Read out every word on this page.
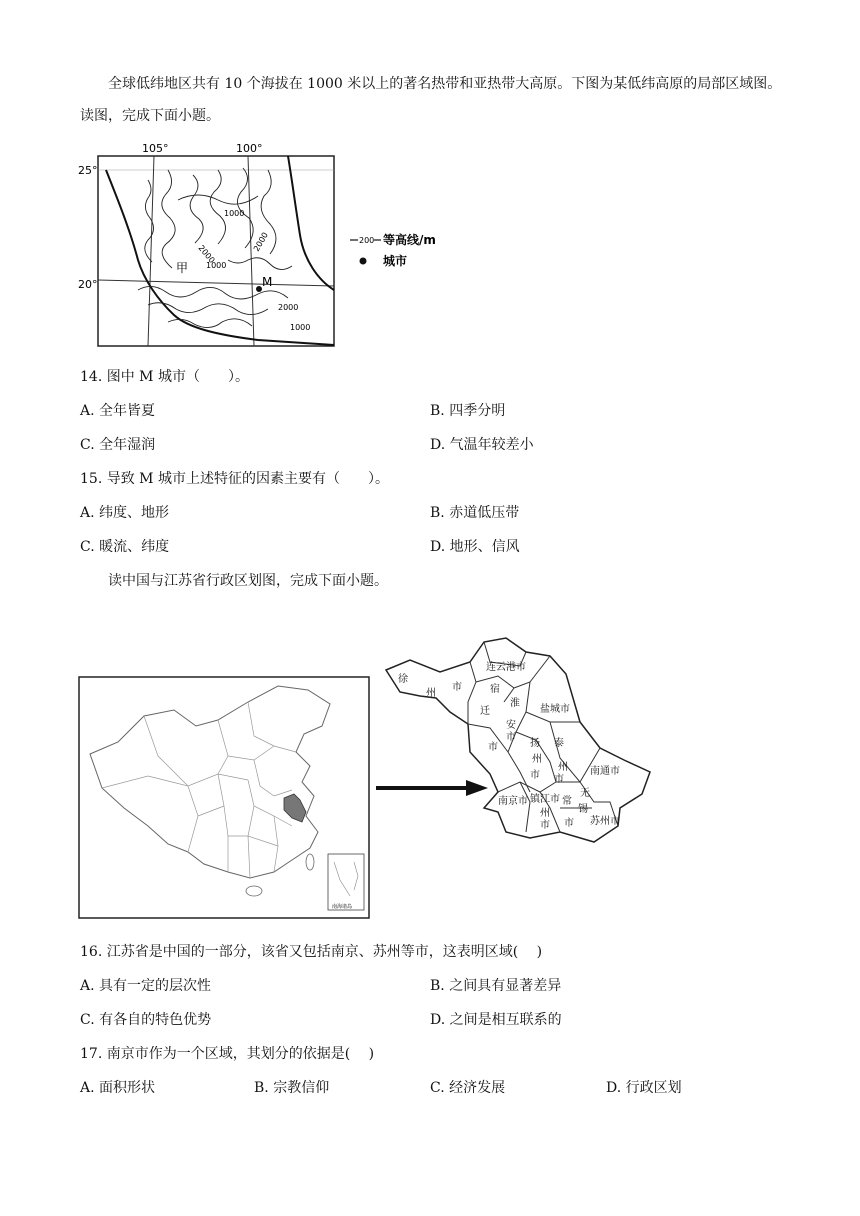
全球低纬地区共有 10 个海拔在 1000 米以上的著名热带和亚热带大高原。下图为某低纬高原的局部区域图。读图，完成下面小题。
105°	100°
25°
20°
甲
M
2000
1000
2000
2000
1000
1000
200 等高线/m
城市
14. 图中 M 城市（　　）。
A. 全年皆夏	B. 四季分明
C. 全年湿润	D. 气温年较差小
15. 导致 M 城市上述特征的因素主要有（　　）。
A. 纬度、地形	B. 赤道低压带
C. 暖流、纬度	D. 地形、信风
读中国与江苏省行政区划图，完成下面小题。
南海诸岛
连云港市
徐
州
市	宿
迁
市
淮
安
市
盐城市
扬
州
市
泰
州
市
南通市
南京市 镇江市 常
州
市
无
锡
市 苏州市
16. 江苏省是中国的一部分，该省又包括南京、苏州等市，这表明区域(　 )
A. 具有一定的层次性	B. 之间具有显著差异
C. 有各自的特色优势	D. 之间是相互联系的
17. 南京市作为一个区域，其划分的依据是(　 )
A. 面积形状	B. 宗教信仰	C. 经济发展	D. 行政区划
